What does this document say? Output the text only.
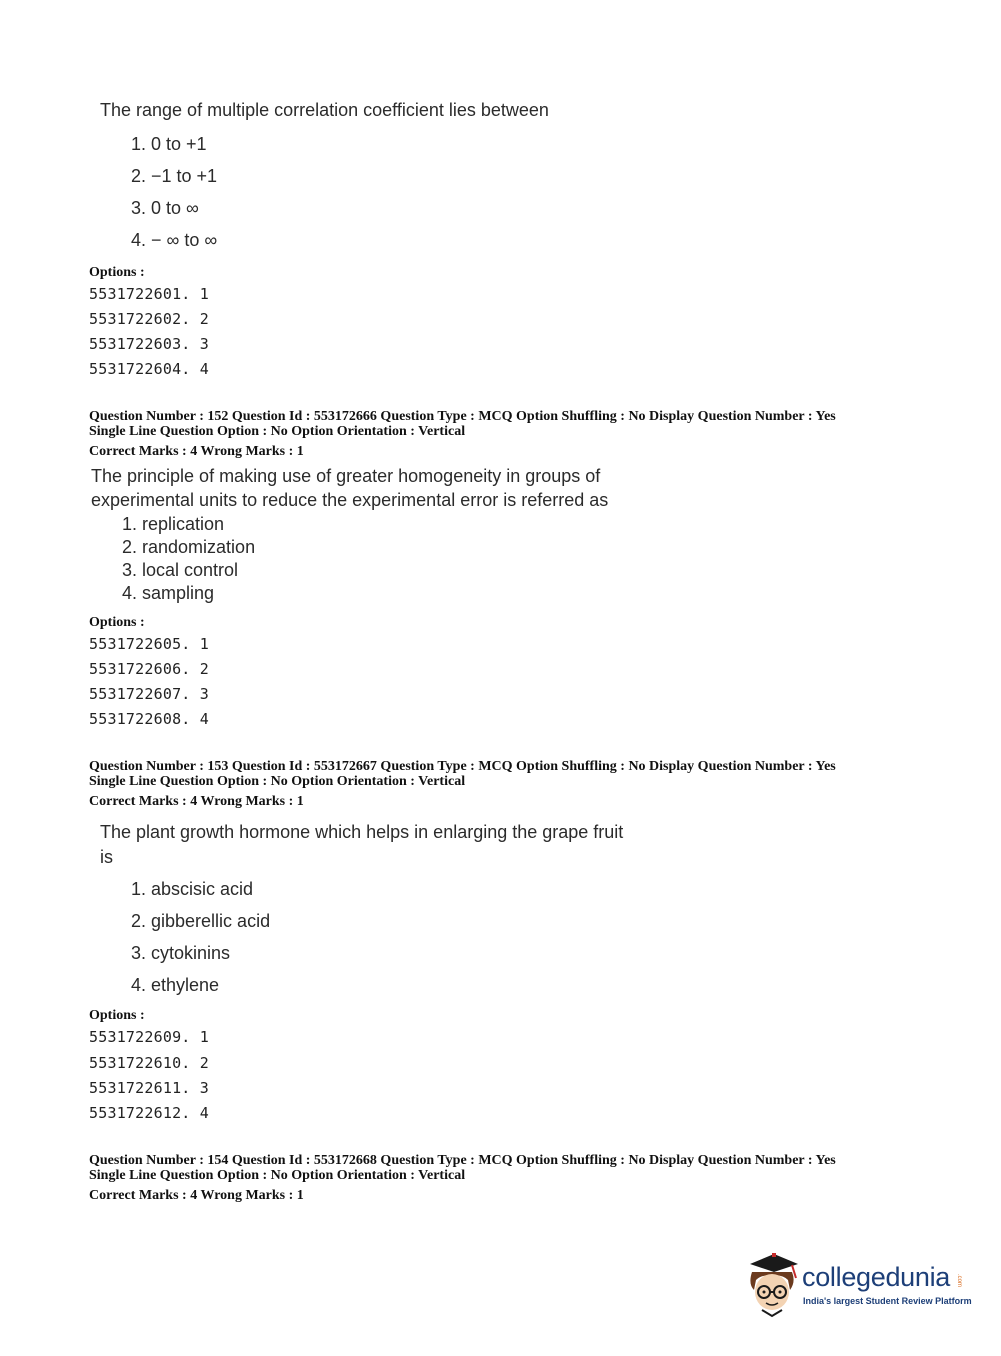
The range of multiple correlation coefficient lies between
1. 0 to +1
2. −1 to +1
3. 0 to ∞
4. − ∞ to ∞
Options :
5531722601. 1
5531722602. 2
5531722603. 3
5531722604. 4
Question Number : 152 Question Id : 553172666 Question Type : MCQ Option Shuffling : No Display Question Number : Yes
Single Line Question Option : No Option Orientation : Vertical
Correct Marks : 4 Wrong Marks : 1
The principle of making use of greater homogeneity in groups of
experimental units to reduce the experimental error is referred as
1. replication
2. randomization
3. local control
4. sampling
Options :
5531722605. 1
5531722606. 2
5531722607. 3
5531722608. 4
Question Number : 153 Question Id : 553172667 Question Type : MCQ Option Shuffling : No Display Question Number : Yes
Single Line Question Option : No Option Orientation : Vertical
Correct Marks : 4 Wrong Marks : 1
The plant growth hormone which helps in enlarging the grape fruit
is
1. abscisic acid
2. gibberellic acid
3. cytokinins
4. ethylene
Options :
5531722609. 1
5531722610. 2
5531722611. 3
5531722612. 4
Question Number : 154 Question Id : 553172668 Question Type : MCQ Option Shuffling : No Display Question Number : Yes
Single Line Question Option : No Option Orientation : Vertical
Correct Marks : 4 Wrong Marks : 1
collegedunia .com
India's largest Student Review Platform
